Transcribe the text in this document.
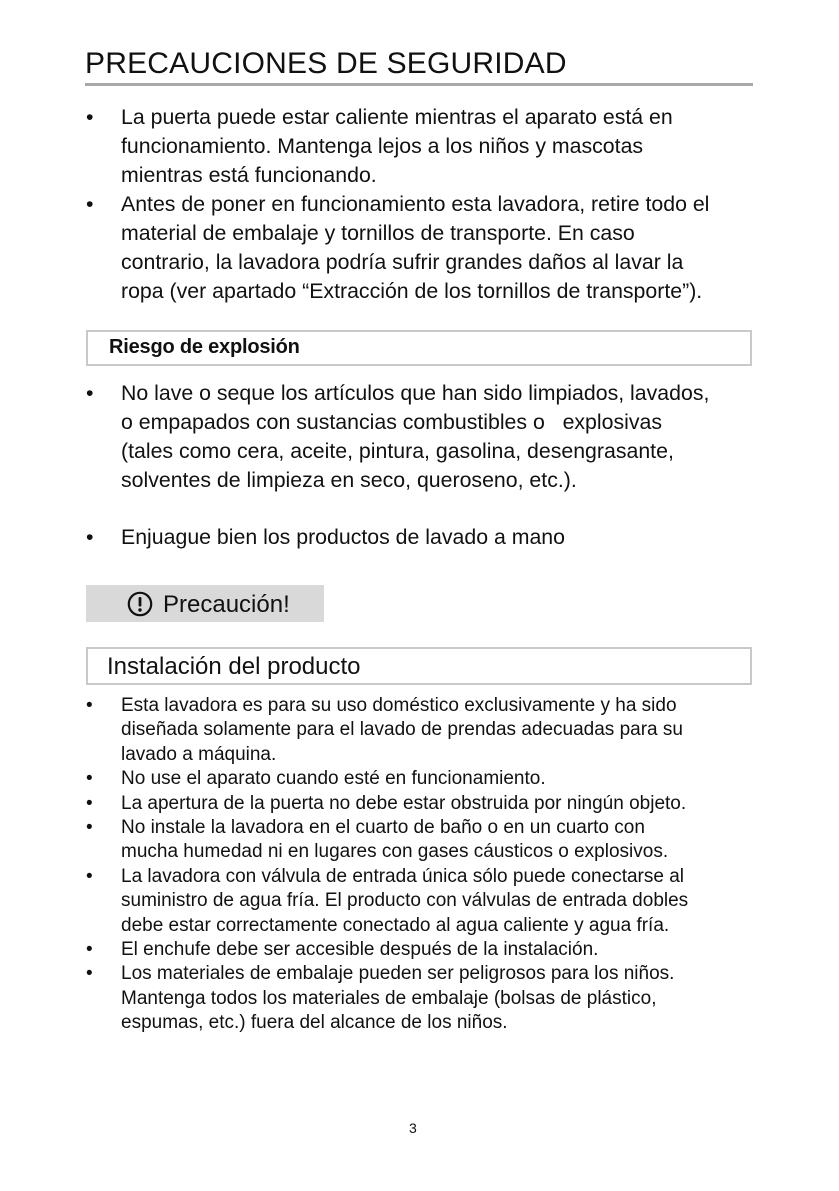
PRECAUCIONES DE SEGURIDAD
• La puerta puede estar caliente mientras el aparato está en
funcionamiento. Mantenga lejos a los niños y mascotas
mientras está funcionando.
• Antes de poner en funcionamiento esta lavadora, retire todo el
material de embalaje y tornillos de transporte. En caso
contrario, la lavadora podría sufrir grandes daños al lavar la
ropa (ver apartado “Extracción de los tornillos de transporte”).
Riesgo de explosión
• No lave o seque los artículos que han sido limpiados, lavados,
o empapados con sustancias combustibles o   explosivas
(tales como cera, aceite, pintura, gasolina, desengrasante,
solventes de limpieza en seco, queroseno, etc.).
• Enjuague bien los productos de lavado a mano
Precaución!
Instalación del producto
• Esta lavadora es para su uso doméstico exclusivamente y ha sido
diseñada solamente para el lavado de prendas adecuadas para su
lavado a máquina.
• No use el aparato cuando esté en funcionamiento.
• La apertura de la puerta no debe estar obstruida por ningún objeto.
• No instale la lavadora en el cuarto de baño o en un cuarto con
mucha humedad ni en lugares con gases cáusticos o explosivos.
• La lavadora con válvula de entrada única sólo puede conectarse al
suministro de agua fría. El producto con válvulas de entrada dobles
debe estar correctamente conectado al agua caliente y agua fría.
• El enchufe debe ser accesible después de la instalación.
• Los materiales de embalaje pueden ser peligrosos para los niños.
Mantenga todos los materiales de embalaje (bolsas de plástico,
espumas, etc.) fuera del alcance de los niños.
3
